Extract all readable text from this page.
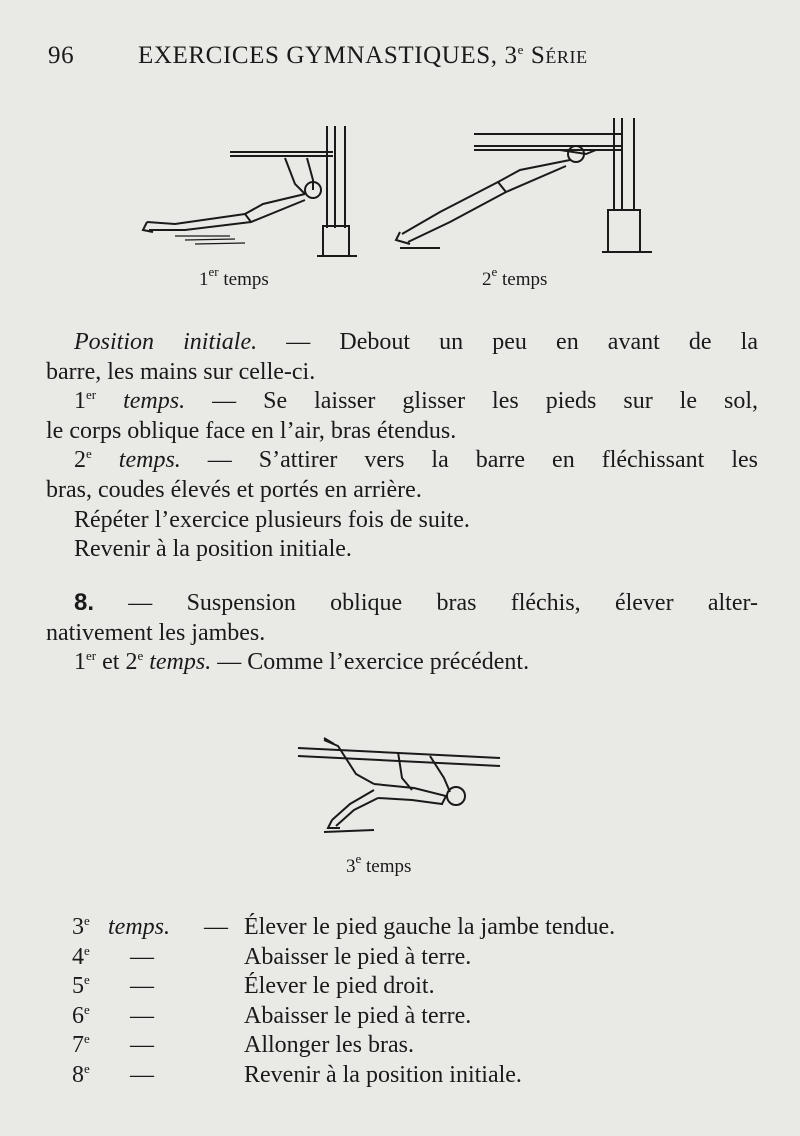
96	EXERCICES GYMNASTIQUES, 3e Série
1er temps	2e temps

Position initiale. — Debout un peu en avant de la

barre, les mains sur celle-ci.

1er temps. — Se laisser glisser les pieds sur le sol,

le corps oblique face en l’air, bras étendus.

2e temps. — S’attirer vers la barre en fléchissant les

bras, coudes élevés et portés en arrière.

Répéter l’exercice plusieurs fois de suite.

Revenir à la position initiale.

8. — Suspension oblique bras fléchis, élever alter-

nativement les jambes.

1er et 2e temps. — Comme l’exercice précédent.

3e temps
3e temps. — Élever le pied gauche la jambe tendue.
4e —	Abaisser le pied à terre.
5e —	Élever le pied droit.
6e —	Abaisser le pied à terre.
7e —	Allonger les bras.
8e —	Revenir à la position initiale.
